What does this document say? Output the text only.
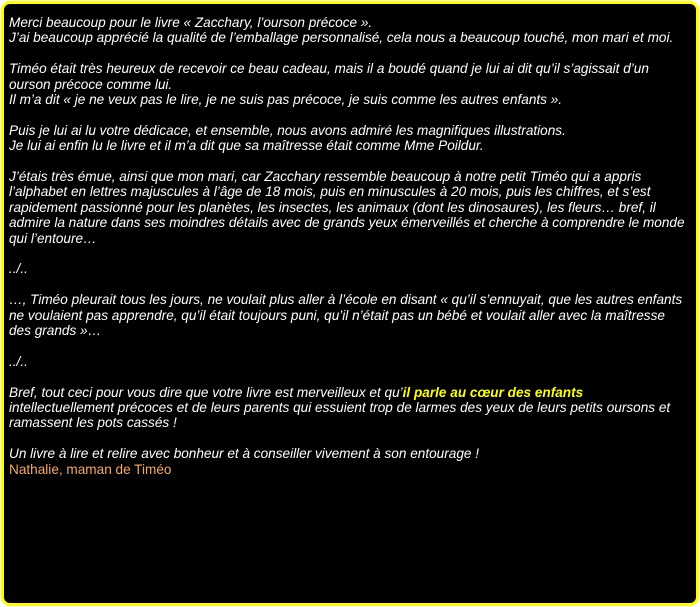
Merci beaucoup pour le livre « Zacchary, l’ourson précoce ».
J’ai beaucoup apprécié la qualité de l’emballage personnalisé, cela nous a beaucoup touché, mon mari et moi.

Timéo était très heureux de recevoir ce beau cadeau, mais il a boudé quand je lui ai dit qu’il s’agissait d’un ourson précoce comme lui.
Il m’a dit « je ne veux pas le lire, je ne suis pas précoce, je suis comme les autres enfants ».

Puis je lui ai lu votre dédicace, et ensemble, nous avons admiré les magnifiques illustrations.
Je lui ai enfin lu le livre et il m’a dit que sa maîtresse était comme Mme Poildur.

J’étais très émue, ainsi que mon mari, car Zacchary ressemble beaucoup à notre petit Timéo qui a appris l’alphabet en lettres majuscules à l’âge de 18 mois, puis en minuscules à 20 mois, puis les chiffres, et s’est rapidement passionné pour les planètes, les insectes, les animaux (dont les dinosaures), les fleurs… bref, il admire la nature dans ses moindres détails avec de grands yeux émerveillés et cherche à comprendre le monde qui l’entoure…

../..

…, Timéo pleurait tous les jours, ne voulait plus aller à l’école en disant « qu’il s’ennuyait, que les autres enfants ne voulaient pas apprendre, qu’il était toujours puni, qu’il n’était pas un bébé et voulait aller avec la maîtresse des grands »…

../..

Bref, tout ceci pour vous dire que votre livre est merveilleux et qu’il parle au cœur des enfants intellectuellement précoces et de leurs parents qui essuient trop de larmes des yeux de leurs petits oursons et ramassent les pots cassés !

Un livre à lire et relire avec bonheur et à conseiller vivement à son entourage !
Nathalie, maman de Timéo
